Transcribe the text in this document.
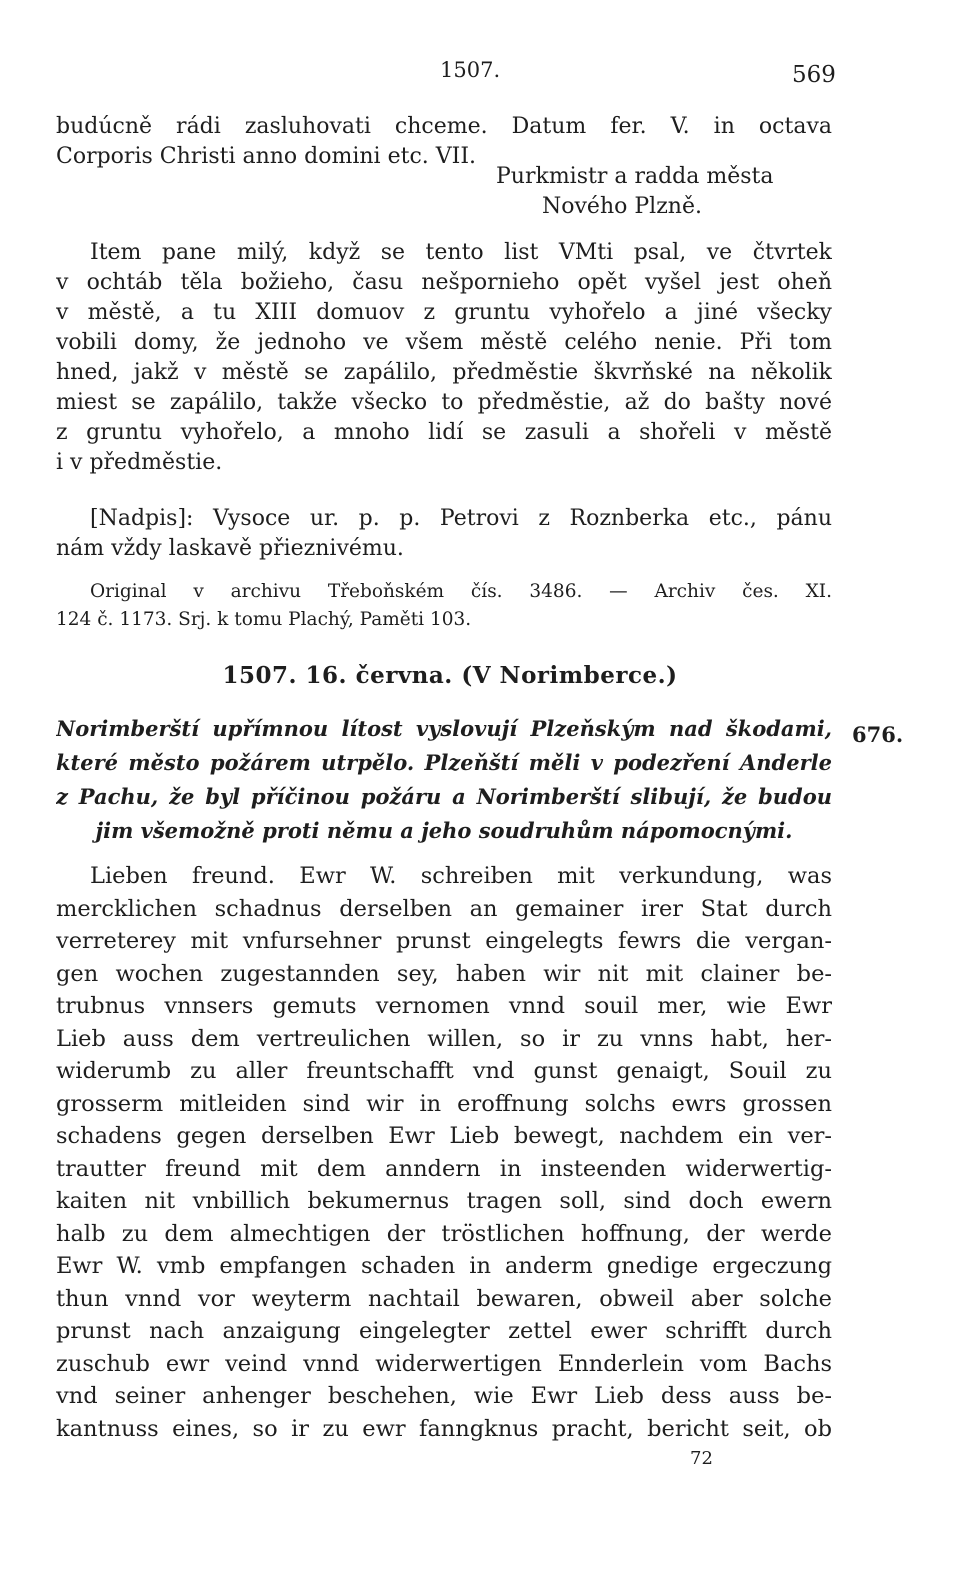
1507.	569
budúcně rádi zasluhovati chceme. Datum fer. V. in octava
Corporis Christi anno domini etc. VII.
Purkmistr a radda města
Nového Plzně.
Item pane milý, když se tento list VMti psal, ve čtvrtek
v ochtáb těla božieho, času nešpornieho opět vyšel jest oheň
v městě, a tu XIII domuov z gruntu vyhořelo a jiné všecky
vobili domy, že jednoho ve všem městě celého nenie. Při tom
hned, jakž v městě se zapálilo, předměstie škvrňské na několik
miest se zapálilo, takže všecko to předměstie, až do bašty nové
z gruntu vyhořelo, a mnoho lidí se zasuli a shořeli v městě
i v předměstie.
[Nadpis]: Vysoce ur. p. p. Petrovi z Roznberka etc., pánu
nám vždy laskavě přieznivému.
Original v archivu Třeboňském čís. 3486. — Archiv čes. XI.
124 č. 1173. Srj. k tomu Plachý, Paměti 103.
1507. 16. června. (V Norimberce.)
Norimberští upřímnou lítost vyslovují Plzeňským nad škodami,
které město požárem utrpělo. Plzeňští měli v podezření Anderle
z Pachu, že byl příčinou požáru a Norimberští slibují, že budou
jim všemožně proti němu a jeho soudruhům nápomocnými.
676.
Lieben freund. Ewr W. schreiben mit verkundung, was
mercklichen schadnus derselben an gemainer irer Stat durch
verreterey mit vnfursehner prunst eingelegts fewrs die vergan-
gen wochen zugestannden sey, haben wir nit mit clainer be-
trubnus vnnsers gemuts vernomen vnnd souil mer, wie Ewr
Lieb auss dem vertreulichen willen, so ir zu vnns habt, her-
widerumb zu aller freuntschafft vnd gunst genaigt, Souil zu
grosserm mitleiden sind wir in eroffnung solchs ewrs grossen
schadens gegen derselben Ewr Lieb bewegt, nachdem ein ver-
trautter freund mit dem anndern in insteenden widerwertig-
kaiten nit vnbillich bekumernus tragen soll, sind doch ewern
halb zu dem almechtigen der tröstlichen hoffnung, der werde
Ewr W. vmb empfangen schaden in anderm gnedige ergeczung
thun vnnd vor weyterm nachtail bewaren, obweil aber solche
prunst nach anzaigung eingelegter zettel ewer schrifft durch
zuschub ewr veind vnnd widerwertigen Ennderlein vom Bachs
vnd seiner anhenger beschehen, wie Ewr Lieb dess auss be-
kantnuss eines, so ir zu ewr fanngknus pracht, bericht seit, ob
72
